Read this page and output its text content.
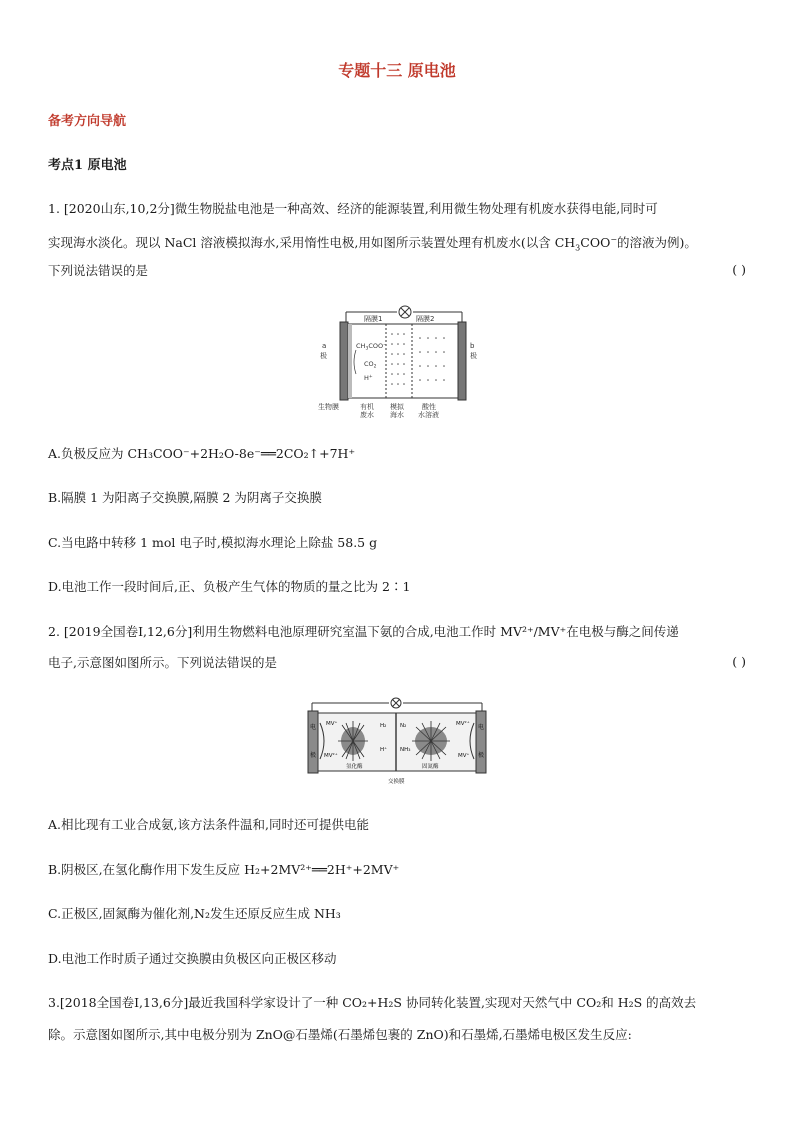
专题十三 原电池
备考方向导航
考点1 原电池
1. [2020山东,10,2分]微生物脱盐电池是一种高效、经济的能源装置,利用微生物处理有机废水获得电能,同时可
实现海水淡化。现以 NaCl 溶液模拟海水,采用惰性电极,用如图所示装置处理有机废水(以含 $CH_3COO^-$的溶液为例)。
下列说法错误的是	( )
隔膜1	隔膜2
a
极
b
极
$CH_3COO^-$
$CO_2$
H+
生物膜	有机
废水
模拟
海水
酸性
水溶液
A.负极反应为 CH₃COO⁻+2H₂O-8e⁻══2CO₂↑+7H⁺
B.隔膜 1 为阳离子交换膜,隔膜 2 为阴离子交换膜
C.当电路中转移 1 mol 电子时,模拟海水理论上除盐 58.5 g
D.电池工作一段时间后,正、负极产生气体的物质的量之比为 2∶1
2. [2019全国卷Ⅰ,12,6分]利用生物燃料电池原理研究室温下氨的合成,电池工作时 MV²⁺/MV⁺在电极与酶之间传递
电子,示意图如图所示。下列说法错误的是	( )
电
极
电
极
MV⁺
MV²⁺
MV²⁺
MV⁺
H₂
H⁺
N₂
NH₃
氢化酶	固氮酶
交换膜
A.相比现有工业合成氨,该方法条件温和,同时还可提供电能
B.阴极区,在氢化酶作用下发生反应 H₂+2MV²⁺══2H⁺+2MV⁺
C.正极区,固氮酶为催化剂,N₂发生还原反应生成 NH₃
D.电池工作时质子通过交换膜由负极区向正极区移动
3.[2018全国卷Ⅰ,13,6分]最近我国科学家设计了一种 CO₂+H₂S 协同转化装置,实现对天然气中 CO₂和 H₂S 的高效去
除。示意图如图所示,其中电极分别为 ZnO@石墨烯(石墨烯包裹的 ZnO)和石墨烯,石墨烯电极区发生反应:
